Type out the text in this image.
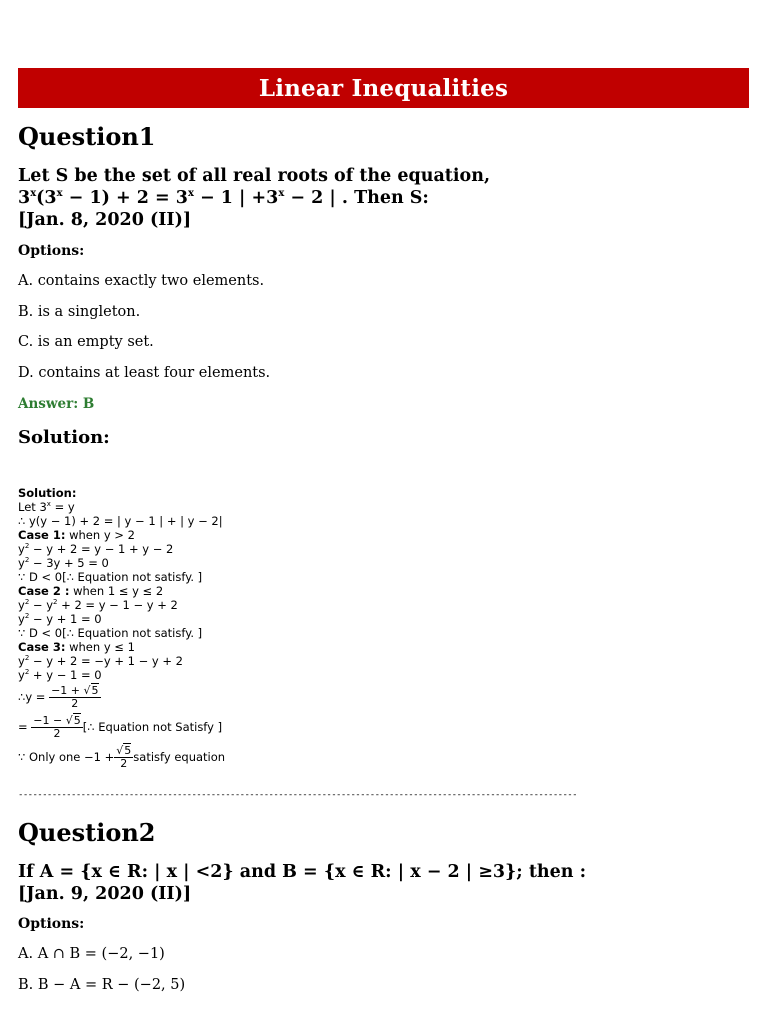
Linear Inequalities
Question1
Let S be the set of all real roots of the equation,
$3^x(3^x - 1) + 2 = 3^x - 1$ | $+3^x - 2$ | . Then S:
[Jan. 8, 2020 (II)]
Options:
A. contains exactly two elements.
B. is a singleton.
C. is an empty set.
D. contains at least four elements.
Answer: B
Solution:
Solution:
Let $3^x = y$
∴ y(y − 1) + 2 = | y − 1 | + | y − 2|
Case 1: when y > 2
$y^2 - y + 2 = y - 1 + y - 2$
$y^2 - 3y + 5 = 0$
∵ D < 0[∴ Equation not satisfy. ]
Case 2 : when 1 ≤ y ≤ 2
$y^2 - y^2 + 2 = y - 1 - y + 2$
$y^2 - y + 1 = 0$
∵ D < 0[∴ Equation not satisfy. ]
Case 3: when y ≤ 1
$y^2 - y + 2 = -y + 1 - y + 2$
$y^2 + y - 1 = 0$
∴y =
$\frac{-1 + √5}{2}$
=
$\frac{-1 - √5}{2}$ [∴ Equation not Satisfy ]
∵ Only one $-1 + \frac{√5}{2}$ satisfy equation
--------------------------------------------------------------------------------------------------------------------
Question2
If A = {x ∈ R: | x | <2} and B = {x ∈ R: | x − 2 | ≥3}; then :
[Jan. 9, 2020 (II)]
Options:
A. A ∩ B = (−2, −1)
B. B − A = R − (−2, 5)
